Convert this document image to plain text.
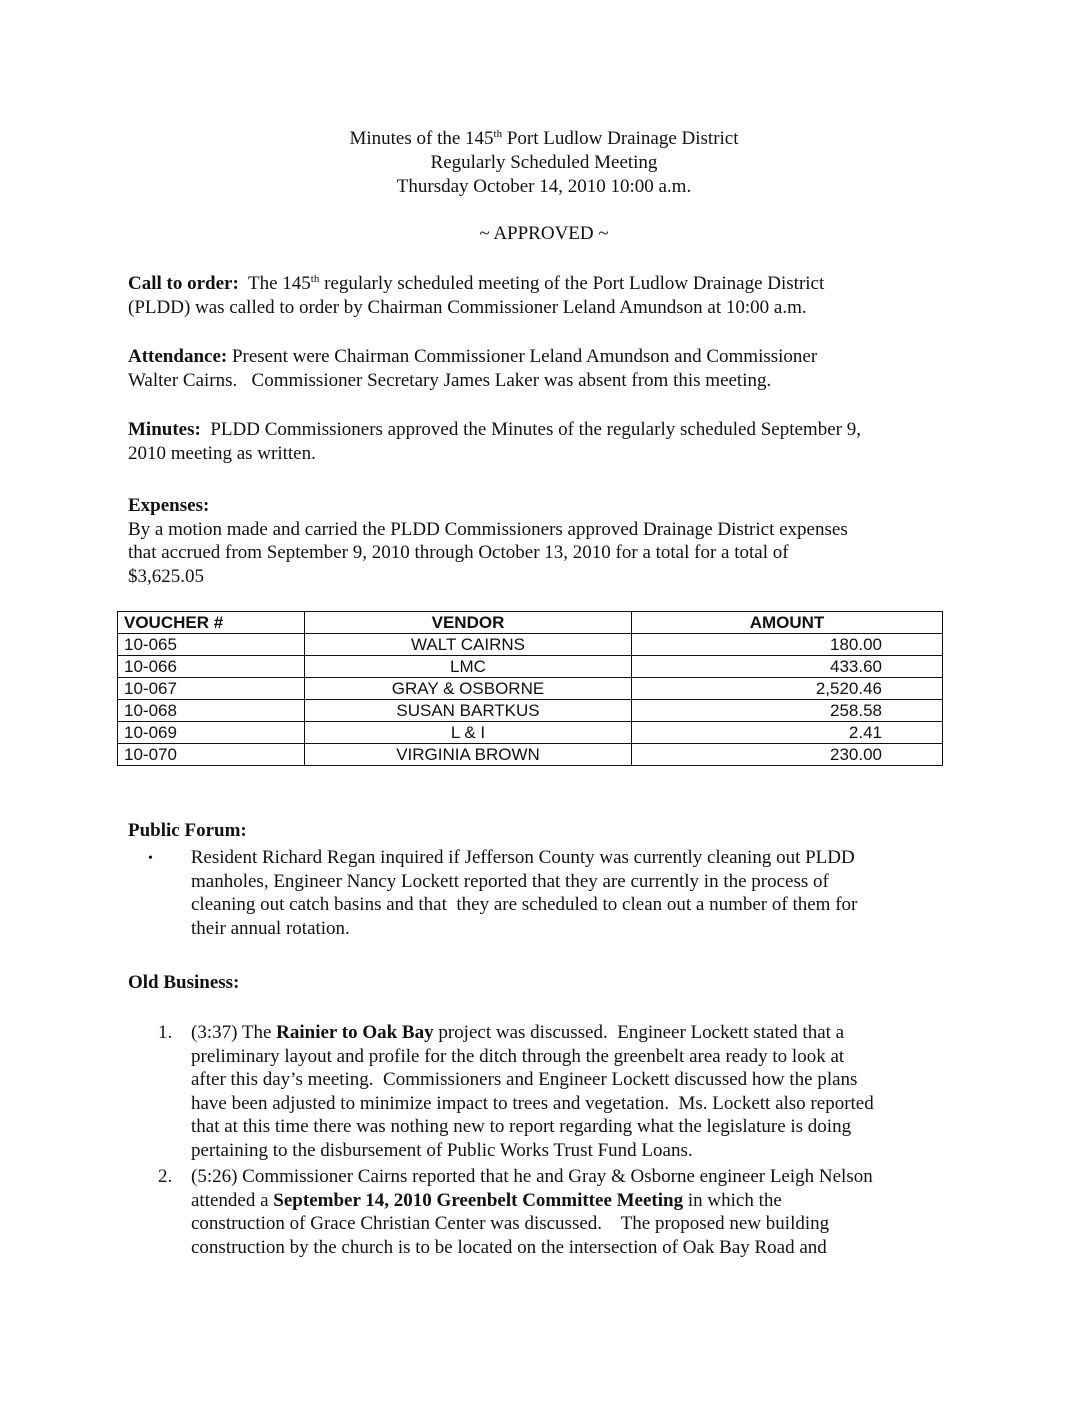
Minutes of the 145th Port Ludlow Drainage District
Regularly Scheduled Meeting
Thursday October 14, 2010 10:00 a.m.
~ APPROVED ~
Call to order:  The 145th regularly scheduled meeting of the Port Ludlow Drainage District
(PLDD) was called to order by Chairman Commissioner Leland Amundson at 10:00 a.m.
Attendance: Present were Chairman Commissioner Leland Amundson and Commissioner
Walter Cairns.   Commissioner Secretary James Laker was absent from this meeting.
Minutes:  PLDD Commissioners approved the Minutes of the regularly scheduled September 9,
2010 meeting as written.
Expenses:
By a motion made and carried the PLDD Commissioners approved Drainage District expenses
that accrued from September 9, 2010 through October 13, 2010 for a total for a total of
$3,625.05
VOUCHER #	VENDOR	AMOUNT
10-065	WALT CAIRNS	180.00
10-066	LMC	433.60
10-067	GRAY & OSBORNE	2,520.46
10-068	SUSAN BARTKUS	258.58
10-069	L & I	2.41
10-070	VIRGINIA BROWN	230.00
Public Forum:
• Resident Richard Regan inquired if Jefferson County was currently cleaning out PLDD
manholes, Engineer Nancy Lockett reported that they are currently in the process of
cleaning out catch basins and that  they are scheduled to clean out a number of them for
their annual rotation.
Old Business:
1. (3:37) The Rainier to Oak Bay project was discussed.  Engineer Lockett stated that a
preliminary layout and profile for the ditch through the greenbelt area ready to look at
after this day’s meeting.  Commissioners and Engineer Lockett discussed how the plans
have been adjusted to minimize impact to trees and vegetation.  Ms. Lockett also reported
that at this time there was nothing new to report regarding what the legislature is doing
pertaining to the disbursement of Public Works Trust Fund Loans.
2. (5:26) Commissioner Cairns reported that he and Gray & Osborne engineer Leigh Nelson
attended a September 14, 2010 Greenbelt Committee Meeting in which the
construction of Grace Christian Center was discussed.    The proposed new building
construction by the church is to be located on the intersection of Oak Bay Road and
